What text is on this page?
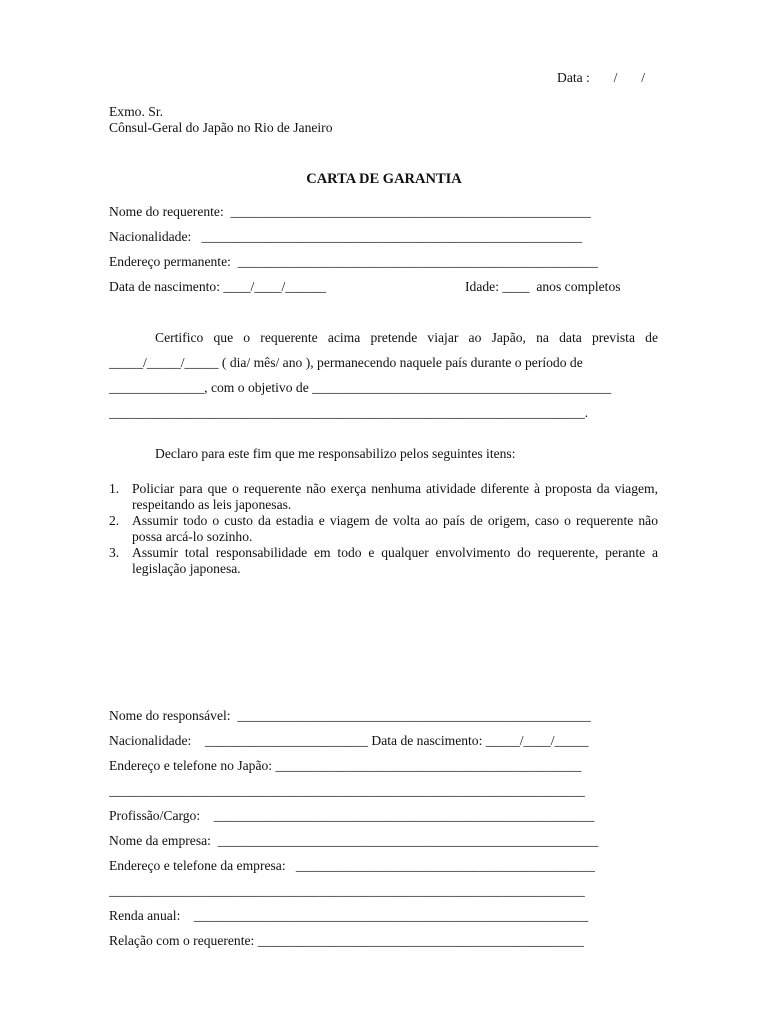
Data :       /       /
Exmo. Sr.
Cônsul-Geral do Japão no Rio de Janeiro
CARTA DE GARANTIA
Nome do requerente:  _____________________________________________________
Nacionalidade:   ________________________________________________________
Endereço permanente:  _____________________________________________________
Data de nascimento: ____/____/______	Idade: ____  anos completos
Certifico que o requerente acima pretende viajar ao Japão, na data prevista de
_____/_____/_____ ( dia/ mês/ ano ), permanecendo naquele país durante o período de
______________, com o objetivo de ____________________________________________
______________________________________________________________________.
Declaro para este fim que me responsabilizo pelos seguintes itens:
1. Policiar para que o requerente não exerça nenhuma atividade diferente à proposta da viagem, respeitando as leis japonesas.
2. Assumir todo o custo da estadia e viagem de volta ao país de origem, caso o requerente não possa arcá-lo sozinho.
3. Assumir total responsabilidade em todo e qualquer envolvimento do requerente, perante a legislação japonesa.
Nome do responsável:  ____________________________________________________
Nacionalidade:    ________________________ Data de nascimento: _____/____/_____
Endereço e telefone no Japão: _____________________________________________
______________________________________________________________________
Profissão/Cargo:    ________________________________________________________
Nome da empresa:  ________________________________________________________
Endereço e telefone da empresa:   ____________________________________________
______________________________________________________________________
Renda anual:    __________________________________________________________
Relação com o requerente: ________________________________________________
